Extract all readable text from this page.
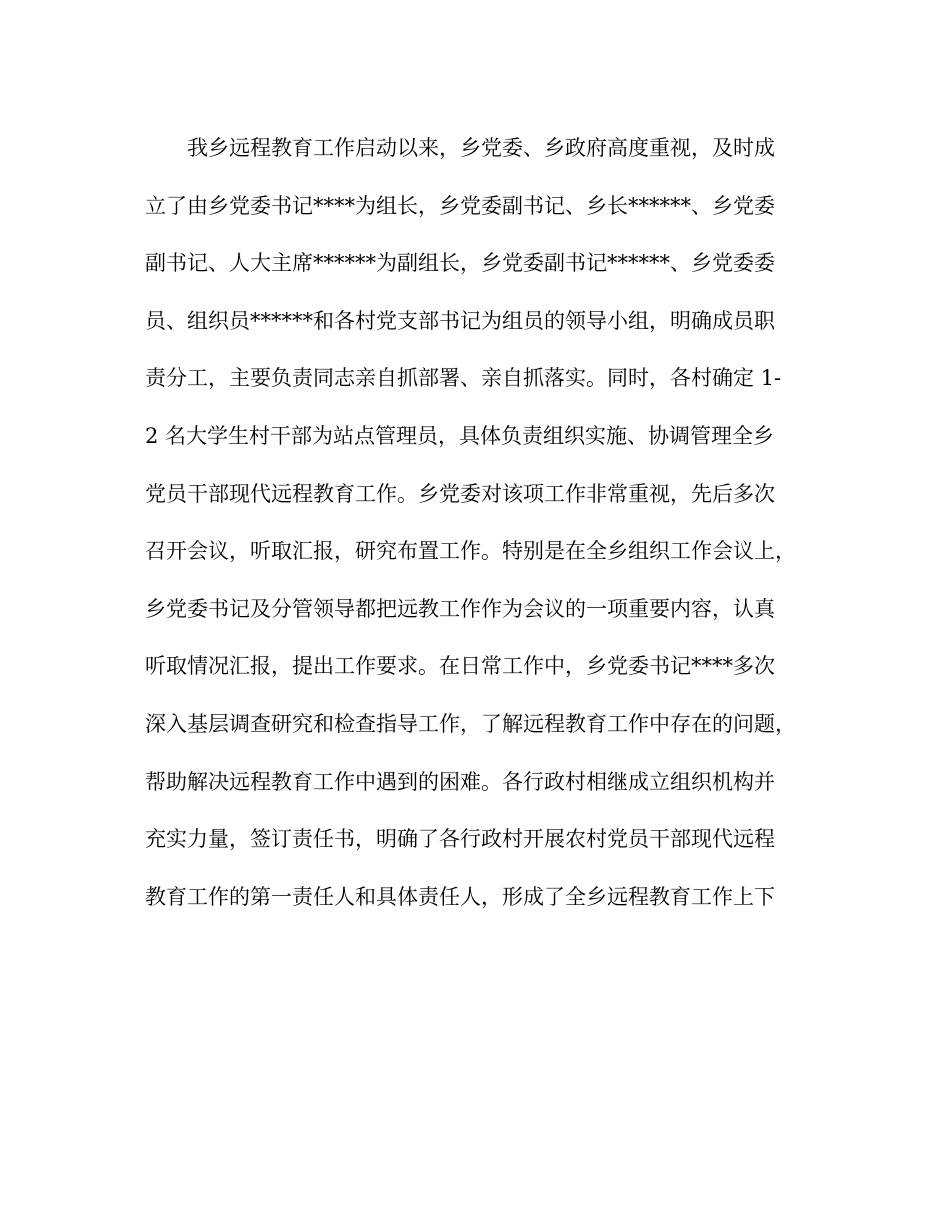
我乡远程教育工作启动以来，乡党委、乡政府高度重视，及时成
立了由乡党委书记****为组长，乡党委副书记、乡长******、乡党委
副书记、人大主席******为副组长，乡党委副书记******、乡党委委
员、组织员******和各村党支部书记为组员的领导小组，明确成员职
责分工，主要负责同志亲自抓部署、亲自抓落实。同时，各村确定 1-
2 名大学生村干部为站点管理员，具体负责组织实施、协调管理全乡
党员干部现代远程教育工作。乡党委对该项工作非常重视，先后多次
召开会议，听取汇报，研究布置工作。特别是在全乡组织工作会议上，
乡党委书记及分管领导都把远教工作作为会议的一项重要内容，认真
听取情况汇报，提出工作要求。在日常工作中，乡党委书记****多次
深入基层调查研究和检查指导工作，了解远程教育工作中存在的问题，
帮助解决远程教育工作中遇到的困难。各行政村相继成立组织机构并
充实力量，签订责任书，明确了各行政村开展农村党员干部现代远程
教育工作的第一责任人和具体责任人，形成了全乡远程教育工作上下
